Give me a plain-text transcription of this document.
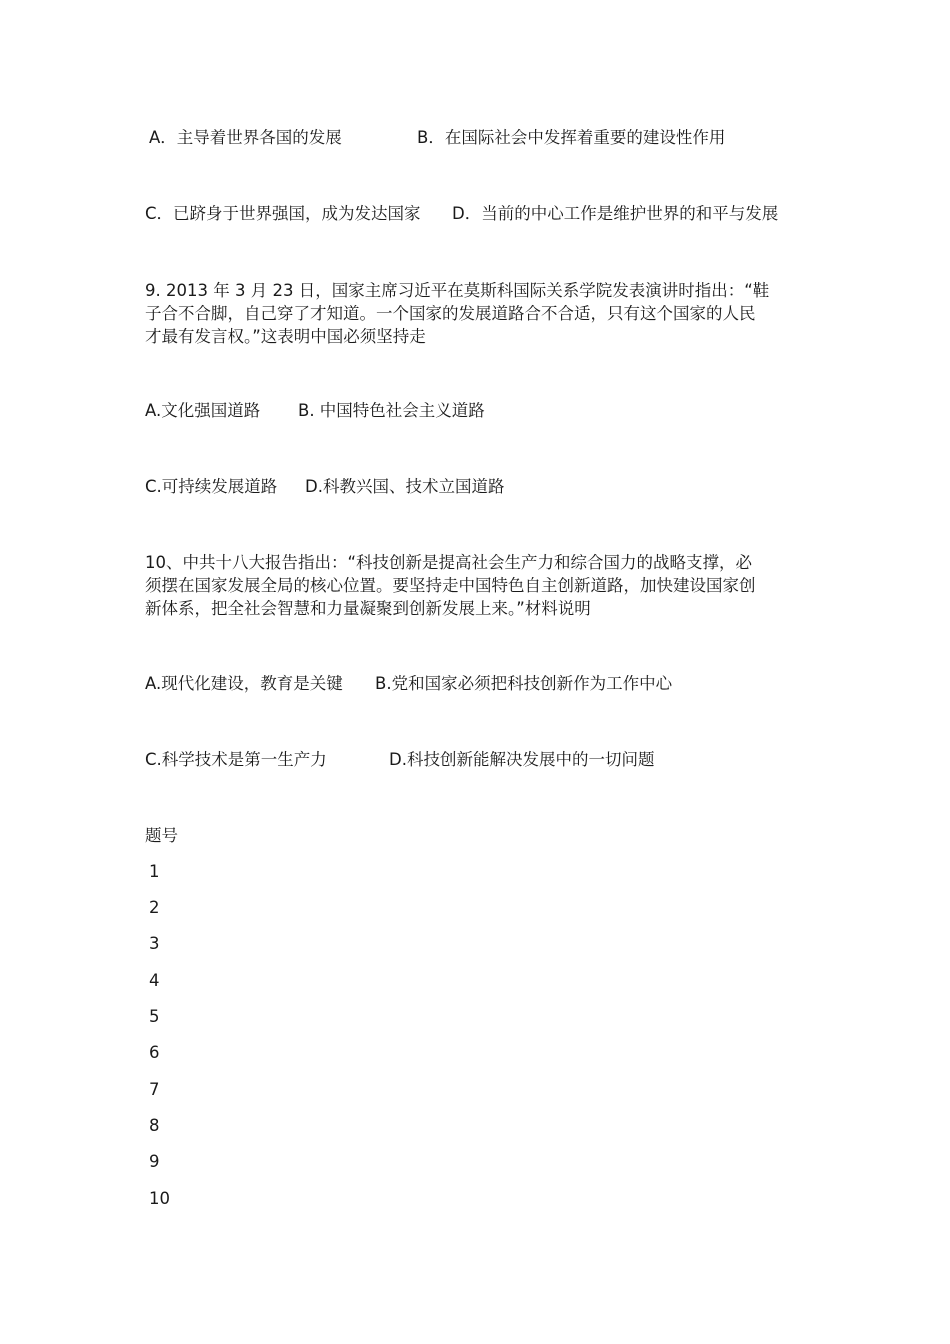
A．主导着世界各国的发展	B．在国际社会中发挥着重要的建设性作用
C．已跻身于世界强国，成为发达国家 D．当前的中心工作是维护世界的和平与发展
9. 2013 年 3 月 23 日，国家主席习近平在莫斯科国际关系学院发表演讲时指出：“鞋
子合不合脚，自己穿了才知道。一个国家的发展道路合不合适，只有这个国家的人民
才最有发言权。”这表明中国必须坚持走
A.文化强国道路 B. 中国特色社会主义道路
C.可持续发展道路 D.科教兴国、技术立国道路
10、中共十八大报告指出：“科技创新是提高社会生产力和综合国力的战略支撑，必
须摆在国家发展全局的核心位置。要坚持走中国特色自主创新道路，加快建设国家创
新体系，把全社会智慧和力量凝聚到创新发展上来。”材料说明
A.现代化建设，教育是关键 B.党和国家必须把科技创新作为工作中心
C.科学技术是第一生产力	D.科技创新能解决发展中的一切问题
题号
1
2
3
4
5
6
7
8
9
10
